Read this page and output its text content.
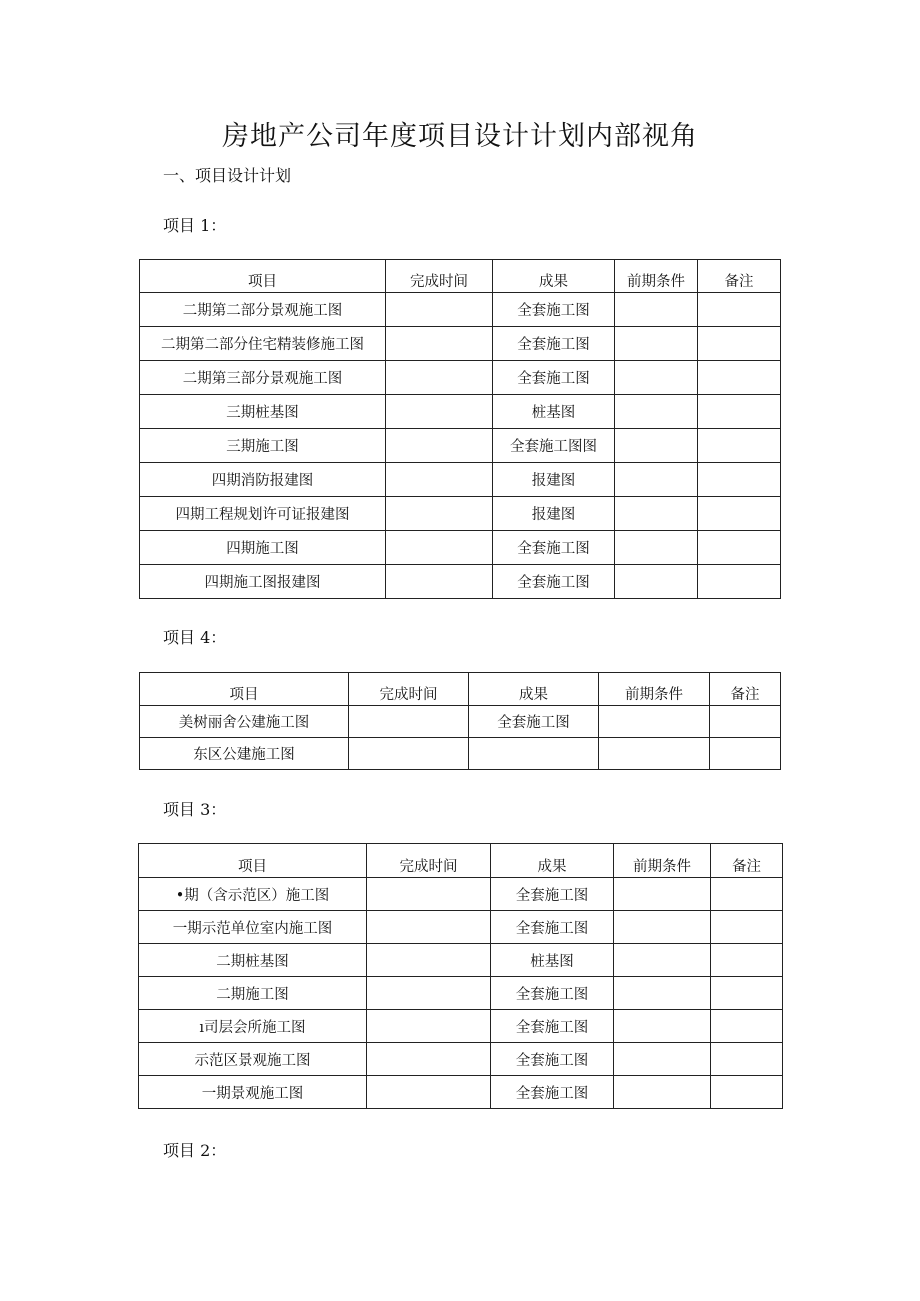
房地产公司年度项目设计计划内部视角
一、项目设计计划
项目 1：
项目	完成时间	成果	前期条件	备注
二期第二部分景观施工图		全套施工图		
二期第二部分住宅精装修施工图		全套施工图		
二期第三部分景观施工图		全套施工图		
三期桩基图		桩基图		
三期施工图		全套施工图图		
四期消防报建图		报建图		
四期工程规划许可证报建图		报建图		
四期施工图		全套施工图		
四期施工图报建图		全套施工图		
项目 4：
项目	完成时间	成果	前期条件	备注
美树丽舍公建施工图		全套施工图		
东区公建施工图				
项目 3：
项目	完成时间	成果	前期条件	备注
•期（含示范区）施工图		全套施工图		
一期示范单位室内施工图		全套施工图		
二期桩基图		桩基图		
二期施工图		全套施工图		
ı司层会所施工图		全套施工图		
示范区景观施工图		全套施工图		
一期景观施工图		全套施工图		
项目 2：
